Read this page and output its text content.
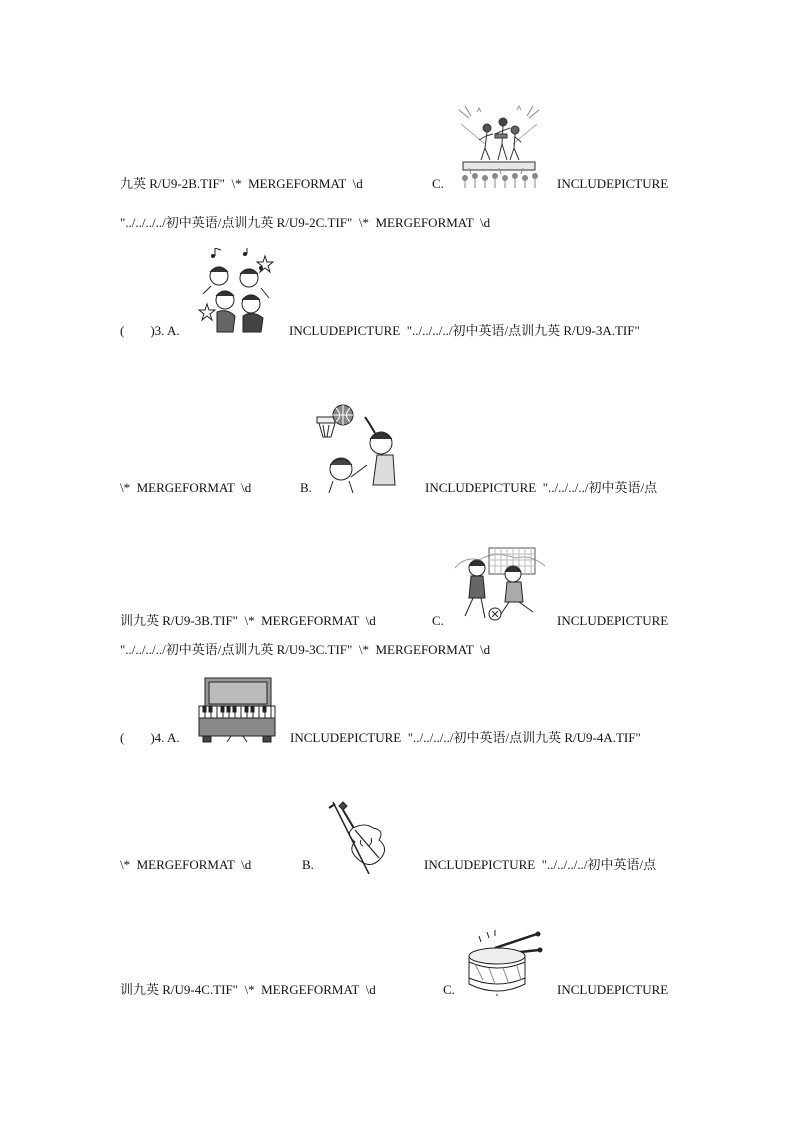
九英 R/U9-2B.TIF"  \*  MERGEFORMAT  \d	C.	INCLUDEPICTURE
"../../../../初中英语/点训九英 R/U9-2C.TIF"  \*  MERGEFORMAT  \d
(        )3. A.	INCLUDEPICTURE  "../../../../初中英语/点训九英 R/U9-3A.TIF"
\*  MERGEFORMAT  \d	B.	INCLUDEPICTURE  "../../../../初中英语/点
训九英 R/U9-3B.TIF"  \*  MERGEFORMAT  \d	C.	INCLUDEPICTURE
"../../../../初中英语/点训九英 R/U9-3C.TIF"  \*  MERGEFORMAT  \d
(        )4. A.	INCLUDEPICTURE  "../../../../初中英语/点训九英 R/U9-4A.TIF"
\*  MERGEFORMAT  \d	B.	INCLUDEPICTURE  "../../../../初中英语/点
训九英 R/U9-4C.TIF"  \*  MERGEFORMAT  \d	C.	INCLUDEPICTURE
